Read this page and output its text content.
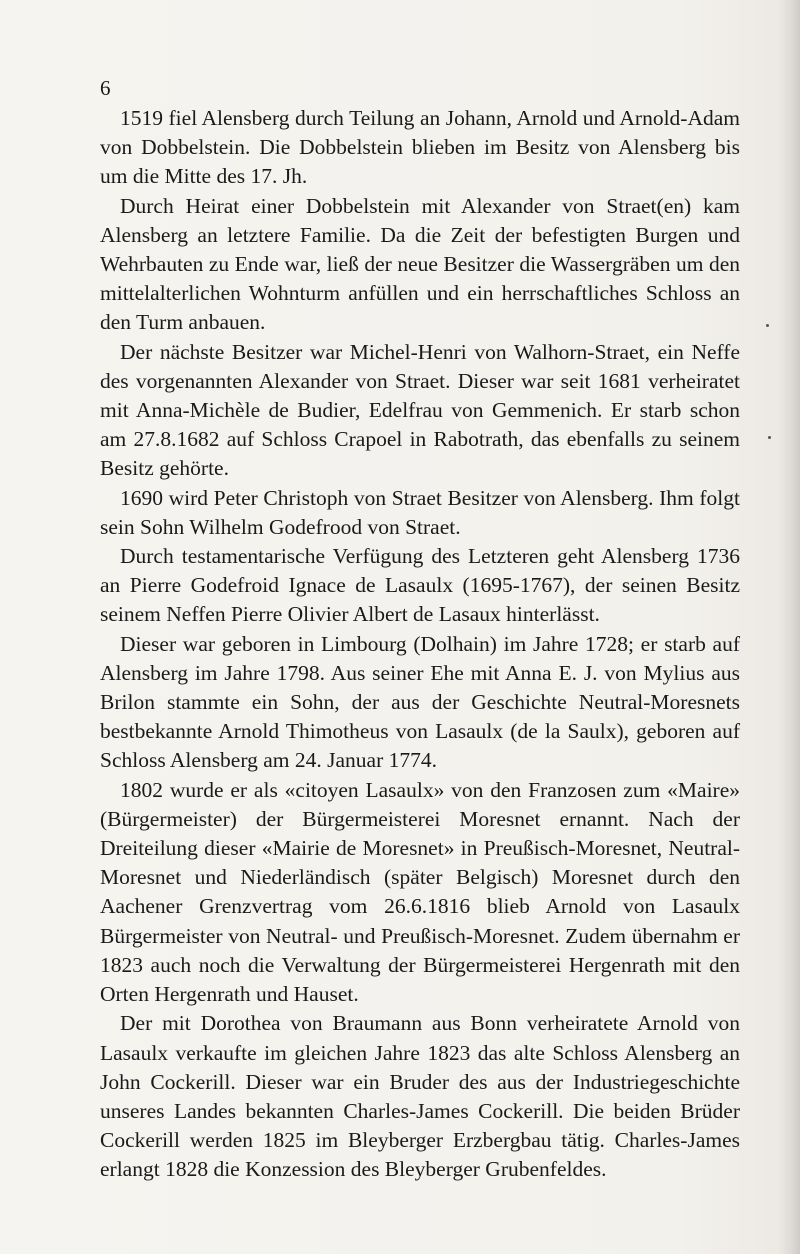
6

1519 fiel Alensberg durch Teilung an Johann, Arnold und Arnold-Adam von Dobbelstein. Die Dobbelstein blieben im Besitz von Alensberg bis um die Mitte des 17. Jh.

Durch Heirat einer Dobbelstein mit Alexander von Straet(en) kam Alensberg an letztere Familie. Da die Zeit der befestigten Burgen und Wehrbauten zu Ende war, ließ der neue Besitzer die Wassergräben um den mittelalterlichen Wohnturm anfüllen und ein herrschaftliches Schloss an den Turm anbauen.

Der nächste Besitzer war Michel-Henri von Walhorn-Straet, ein Neffe des vorgenannten Alexander von Straet. Dieser war seit 1681 verheiratet mit Anna-Michèle de Budier, Edelfrau von Gemmenich. Er starb schon am 27.8.1682 auf Schloss Crapoel in Rabotrath, das ebenfalls zu seinem Besitz gehörte.

1690 wird Peter Christoph von Straet Besitzer von Alensberg. Ihm folgt sein Sohn Wilhelm Godefrood von Straet.

Durch testamentarische Verfügung des Letzteren geht Alensberg 1736 an Pierre Godefroid Ignace de Lasaulx (1695-1767), der seinen Besitz seinem Neffen Pierre Olivier Albert de Lasaux hinterlässt.

Dieser war geboren in Limbourg (Dolhain) im Jahre 1728; er starb auf Alensberg im Jahre 1798. Aus seiner Ehe mit Anna E. J. von Mylius aus Brilon stammte ein Sohn, der aus der Geschichte Neutral-Moresnets bestbekannte Arnold Thimotheus von Lasaulx (de la Saulx), geboren auf Schloss Alensberg am 24. Januar 1774.

1802 wurde er als «citoyen Lasaulx» von den Franzosen zum «Maire» (Bürgermeister) der Bürgermeisterei Moresnet ernannt. Nach der Dreiteilung dieser «Mairie de Moresnet» in Preußisch-Moresnet, Neutral-Moresnet und Niederländisch (später Belgisch) Moresnet durch den Aachener Grenzvertrag vom 26.6.1816 blieb Arnold von Lasaulx Bürgermeister von Neutral- und Preußisch-Moresnet. Zudem übernahm er 1823 auch noch die Verwaltung der Bürgermeisterei Hergenrath mit den Orten Hergenrath und Hauset.

Der mit Dorothea von Braumann aus Bonn verheiratete Arnold von Lasaulx verkaufte im gleichen Jahre 1823 das alte Schloss Alensberg an John Cockerill. Dieser war ein Bruder des aus der Industriegeschichte unseres Landes bekannten Charles-James Cockerill. Die beiden Brüder Cockerill werden 1825 im Bleyberger Erzbergbau tätig. Charles-James erlangt 1828 die Konzession des Bleyberger Grubenfeldes.
